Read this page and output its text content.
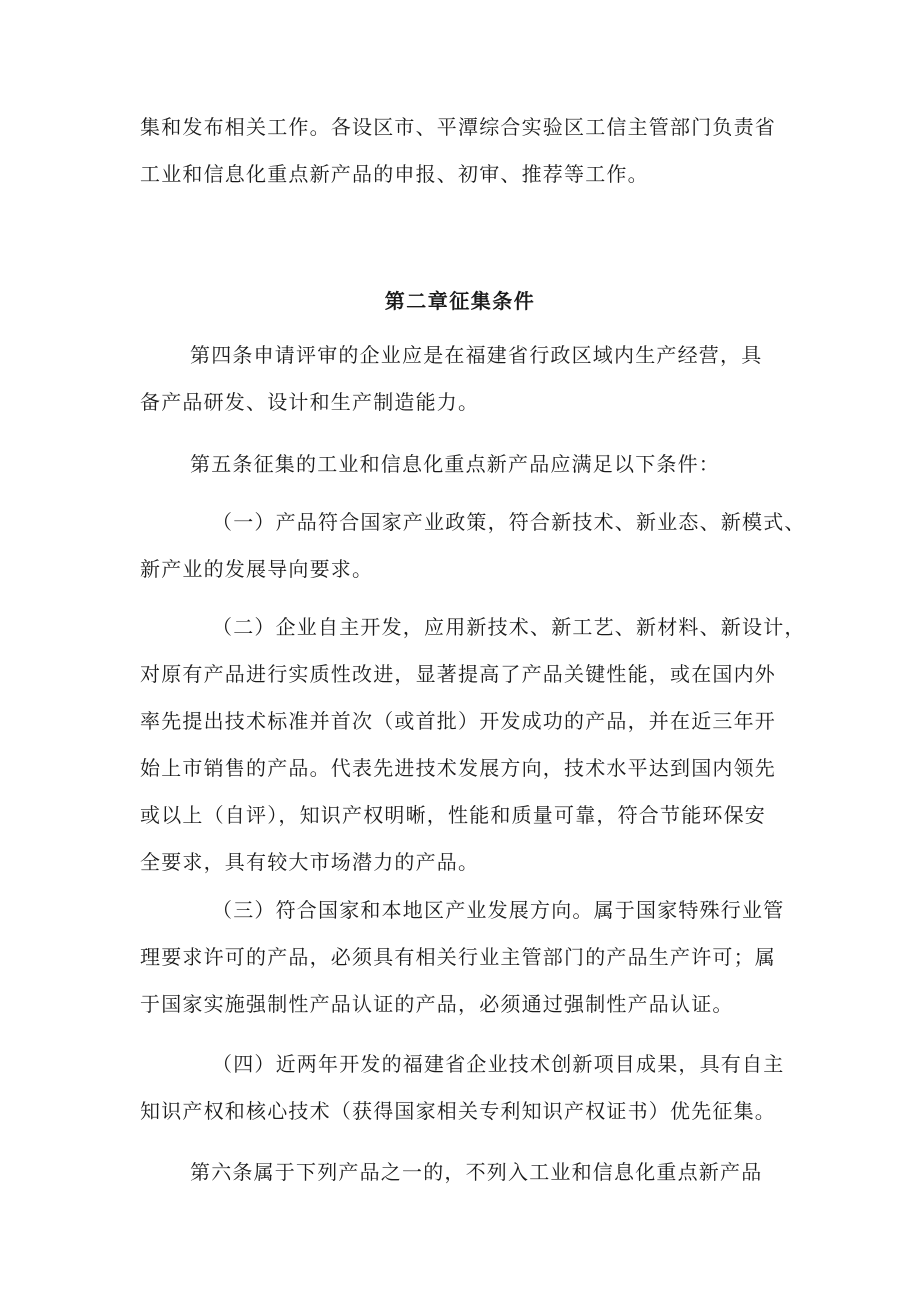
集和发布相关工作。各设区市、平潭综合实验区工信主管部门负责省
工业和信息化重点新产品的申报、初审、推荐等工作。
第二章征集条件
第四条申请评审的企业应是在福建省行政区域内生产经营，具
备产品研发、设计和生产制造能力。
第五条征集的工业和信息化重点新产品应满足以下条件：
（一）产品符合国家产业政策，符合新技术、新业态、新模式、
新产业的发展导向要求。
（二）企业自主开发，应用新技术、新工艺、新材料、新设计，
对原有产品进行实质性改进，显著提高了产品关键性能，或在国内外
率先提出技术标准并首次（或首批）开发成功的产品，并在近三年开
始上市销售的产品。代表先进技术发展方向，技术水平达到国内领先
或以上（自评），知识产权明晰，性能和质量可靠，符合节能环保安
全要求，具有较大市场潜力的产品。
（三）符合国家和本地区产业发展方向。属于国家特殊行业管
理要求许可的产品，必须具有相关行业主管部门的产品生产许可；属
于国家实施强制性产品认证的产品，必须通过强制性产品认证。
（四）近两年开发的福建省企业技术创新项目成果，具有自主
知识产权和核心技术（获得国家相关专利知识产权证书）优先征集。
第六条属于下列产品之一的，不列入工业和信息化重点新产品
